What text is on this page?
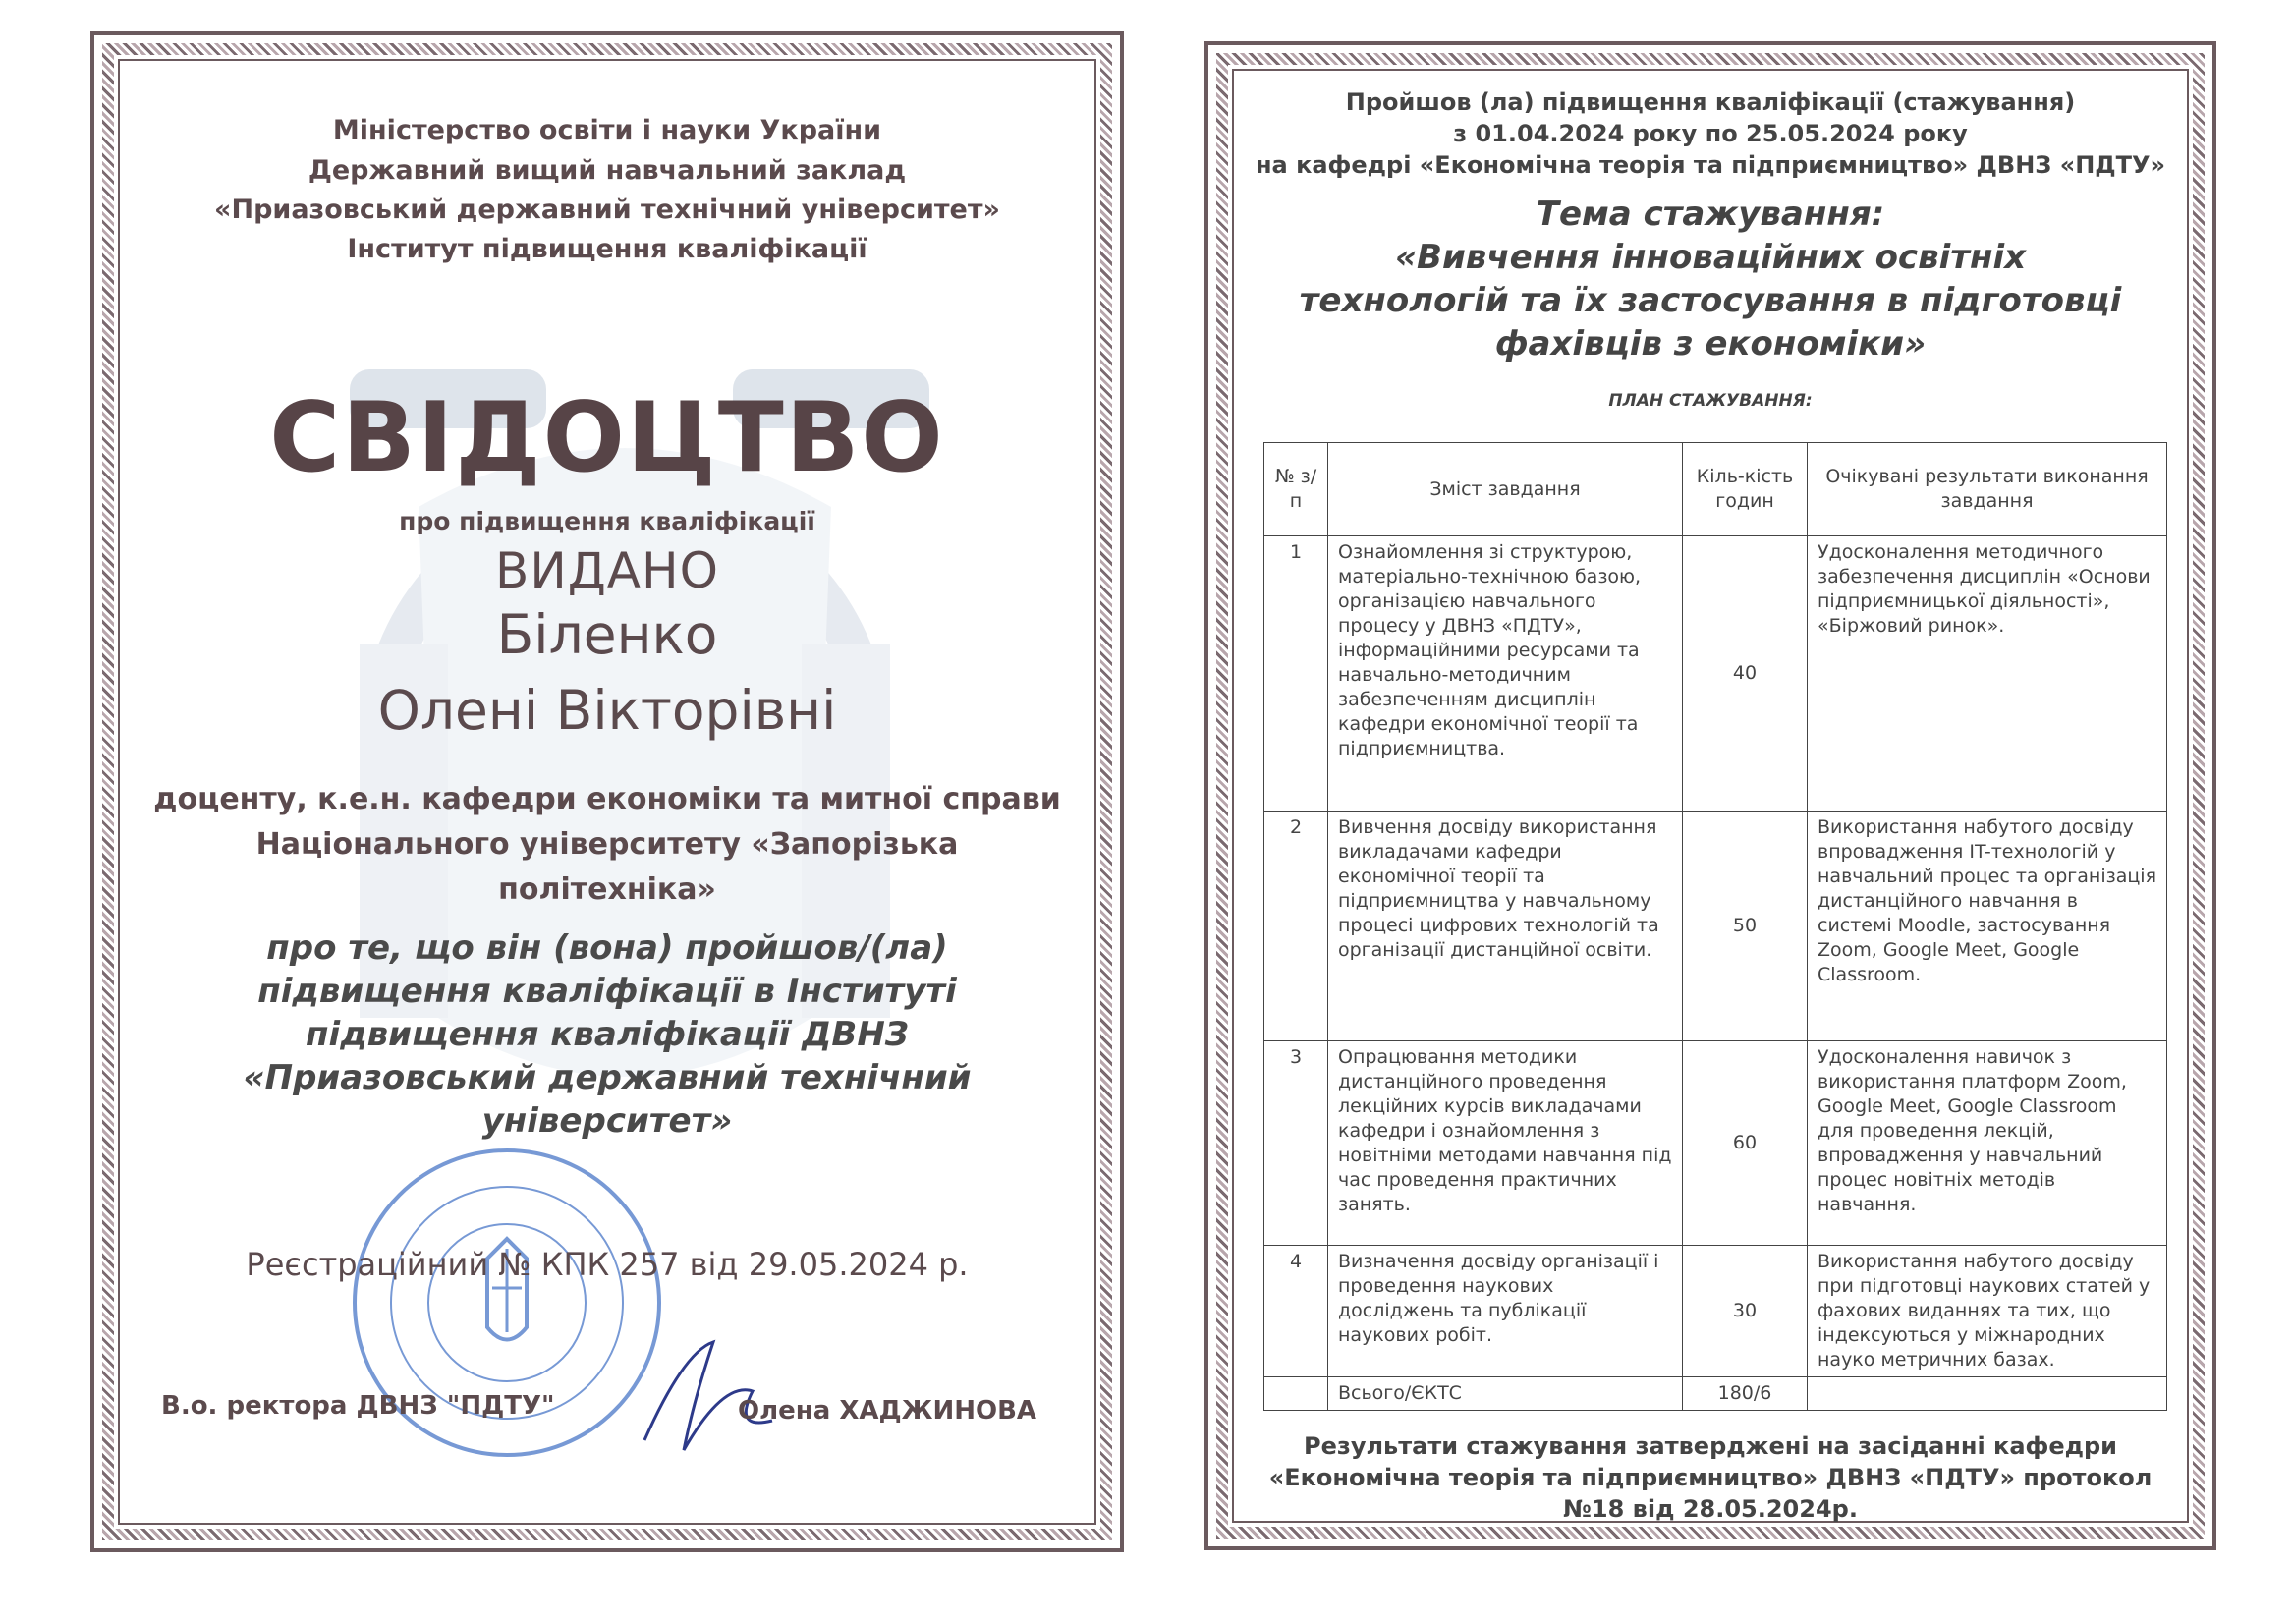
Міністерство освіти і науки України
Державний вищий навчальний заклад
«Приазовський державний технічний університет»
Інститут підвищення кваліфікації
СВІДОЦТВО
про підвищення кваліфікації
ВИДАНО
Біленко
Олені Вікторівні
доценту, к.е.н. кафедри економіки та митної справи
Національного університету «Запорізька
політехніка»
про те, що він (вона) пройшов/(ла)
підвищення кваліфікації в Інституті
підвищення кваліфікації ДВНЗ
«Приазовський державний технічний
університет»
Реєстраційний № КПК 257 від 29.05.2024 р.
В.о. ректора ДВНЗ "ПДТУ"	Олена ХАДЖИНОВА
Пройшов (ла) підвищення кваліфікації (стажування)
з 01.04.2024 року по 25.05.2024 року
на кафедрі «Економічна теорія та підприємництво» ДВНЗ «ПДТУ»
Тема стажування:
«Вивчення інноваційних освітніх
технологій та їх застосування в підготовці
фахівців з економіки»
ПЛАН СТАЖУВАННЯ:
№ з/п	Зміст завдання	Кіль-кість годин	Очікувані результати виконання завдання
1	Ознайомлення зі структурою, матеріально-технічною базою, організацією навчального процесу у ДВНЗ «ПДТУ», інформаційними ресурсами та навчально-методичним забезпеченням дисциплін кафедри економічної теорії та підприємництва.	40	Удосконалення методичного забезпечення дисциплін «Основи підприємницької діяльності», «Біржовий ринок».
2	Вивчення досвіду використання викладачами кафедри економічної теорії та підприємництва у навчальному процесі цифрових технологій та організації дистанційної освіти.	50	Використання набутого досвіду впровадження IT-технологій у навчальний процес та організація дистанційного навчання в системі Moodle, застосування Zoom, Google Meet, Google Classroom.
3	Опрацювання методики дистанційного проведення лекційних курсів викладачами кафедри і ознайомлення з новітніми методами навчання під час проведення практичних занять.	60	Удосконалення навичок з використання платформ Zoom, Google Meet, Google Classroom для проведення лекцій, впровадження у навчальний процес новітніх методів навчання.
4	Визначення досвіду організації і проведення наукових досліджень та публікації наукових робіт.	30	Використання набутого досвіду при підготовці наукових статей у фахових виданнях та тих, що індексуються у міжнародних науко метричних базах.
	Всього/ЄКТС	180/6	
Результати стажування затверджені на засіданні кафедри
«Економічна теорія та підприємництво» ДВНЗ «ПДТУ» протокол
№18 від 28.05.2024р.
